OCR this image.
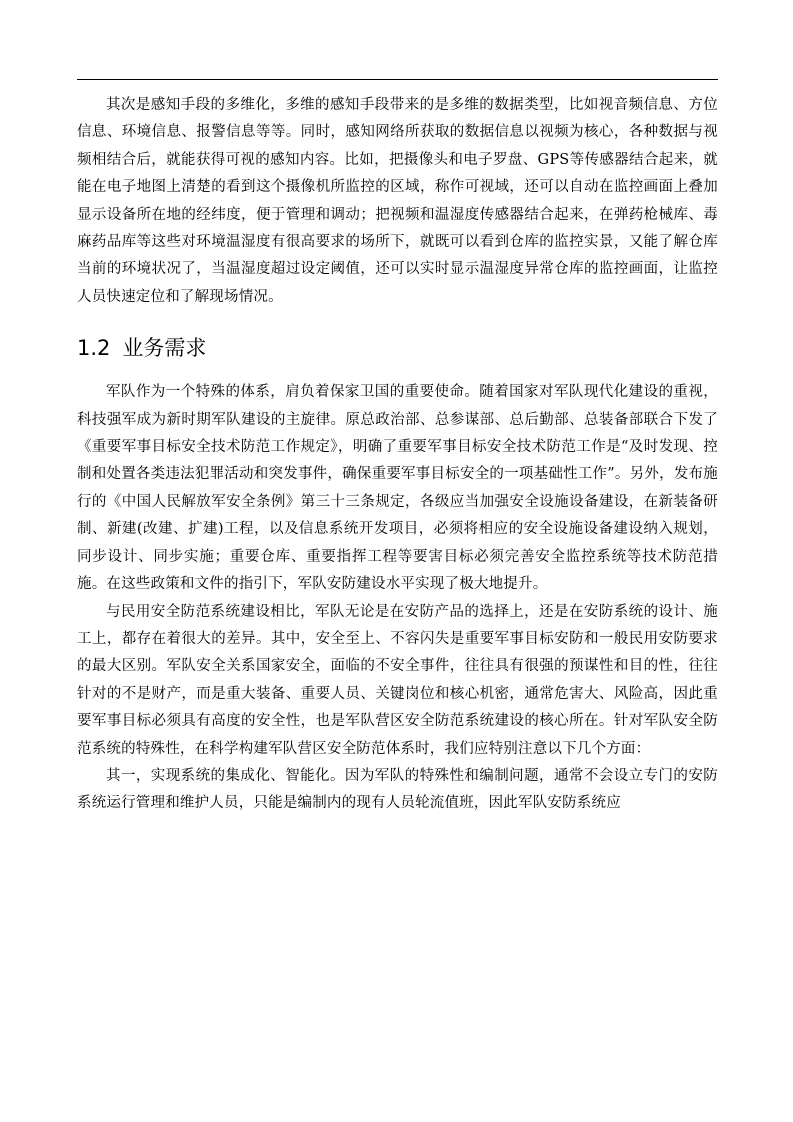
其次是感知手段的多维化，多维的感知手段带来的是多维的数据类型，比如视音频信息、方位信息、环境信息、报警信息等等。同时，感知网络所获取的数据信息以视频为核心，各种数据与视频相结合后，就能获得可视的感知内容。比如，把摄像头和电子罗盘、GPS等传感器结合起来，就能在电子地图上清楚的看到这个摄像机所监控的区域，称作可视域，还可以自动在监控画面上叠加显示设备所在地的经纬度，便于管理和调动；把视频和温湿度传感器结合起来，在弹药枪械库、毒麻药品库等这些对环境温湿度有很高要求的场所下，就既可以看到仓库的监控实景，又能了解仓库当前的环境状况了，当温湿度超过设定阈值，还可以实时显示温湿度异常仓库的监控画面，让监控人员快速定位和了解现场情况。

1.2 业务需求

军队作为一个特殊的体系，肩负着保家卫国的重要使命。随着国家对军队现代化建设的重视，科技强军成为新时期军队建设的主旋律。原总政治部、总参谋部、总后勤部、总装备部联合下发了《重要军事目标安全技术防范工作规定》，明确了重要军事目标安全技术防范工作是“及时发现、控制和处置各类违法犯罪活动和突发事件，确保重要军事目标安全的一项基础性工作”。另外，发布施行的《中国人民解放军安全条例》第三十三条规定，各级应当加强安全设施设备建设，在新装备研制、新建(改建、扩建)工程，以及信息系统开发项目，必须将相应的安全设施设备建设纳入规划，同步设计、同步实施；重要仓库、重要指挥工程等要害目标必须完善安全监控系统等技术防范措施。在这些政策和文件的指引下，军队安防建设水平实现了极大地提升。

与民用安全防范系统建设相比，军队无论是在安防产品的选择上，还是在安防系统的设计、施工上，都存在着很大的差异。其中，安全至上、不容闪失是重要军事目标安防和一般民用安防要求的最大区别。军队安全关系国家安全，面临的不安全事件，往往具有很强的预谋性和目的性，往往针对的不是财产，而是重大装备、重要人员、关键岗位和核心机密，通常危害大、风险高，因此重要军事目标必须具有高度的安全性，也是军队营区安全防范系统建设的核心所在。针对军队安全防范系统的特殊性，在科学构建军队营区安全防范体系时，我们应特别注意以下几个方面：

其一，实现系统的集成化、智能化。因为军队的特殊性和编制问题，通常不会设立专门的安防系统运行管理和维护人员，只能是编制内的现有人员轮流值班，因此军队安防系统应
